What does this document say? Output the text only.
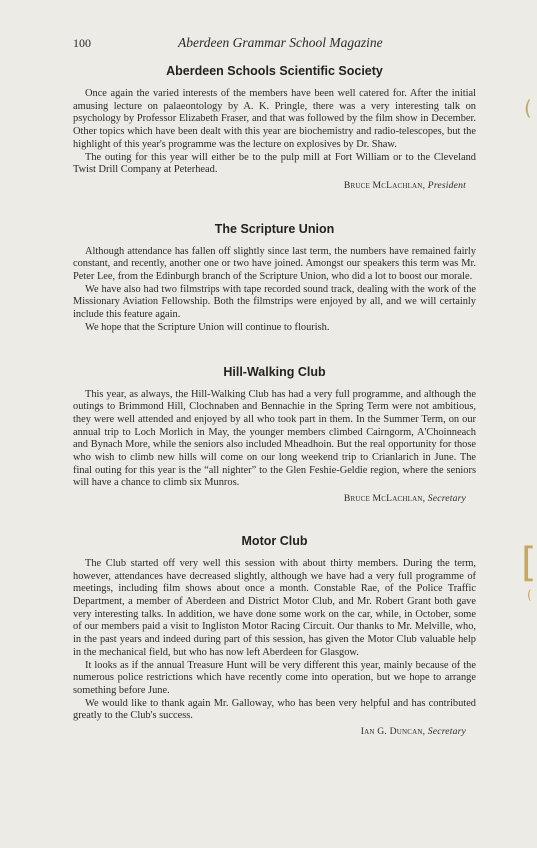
100	Aberdeen Grammar School Magazine
Aberdeen Schools Scientific Society

Once again the varied interests of the members have been well catered for. After the initial amusing lecture on palaeontology by A. K. Pringle, there was a very interesting talk on psychology by Professor Elizabeth Fraser, and that was followed by the film show in December. Other topics which have been dealt with this year are biochemistry and radio-telescopes, but the highlight of this year's programme was the lecture on explosives by Dr. Shaw.

The outing for this year will either be to the pulp mill at Fort William or to the Cleveland Twist Drill Company at Peterhead.

Bruce McLachlan, President
The Scripture Union

Although attendance has fallen off slightly since last term, the numbers have remained fairly constant, and recently, another one or two have joined. Amongst our speakers this term was Mr. Peter Lee, from the Edinburgh branch of the Scripture Union, who did a lot to boost our morale.

We have also had two filmstrips with tape recorded sound track, dealing with the work of the Missionary Aviation Fellowship. Both the filmstrips were enjoyed by all, and we will certainly include this feature again.

We hope that the Scripture Union will continue to flourish.

Hill-Walking Club

This year, as always, the Hill-Walking Club has had a very full programme, and although the outings to Brimmond Hill, Clochnaben and Bennachie in the Spring Term were not ambitious, they were well attended and enjoyed by all who took part in them. In the Summer Term, on our annual trip to Loch Morlich in May, the younger members climbed Cairngorm, A'Choinneach and Bynach More, while the seniors also included Mheadhoin. But the real opportunity for those who wish to climb new hills will come on our long weekend trip to Crianlarich in June. The final outing for this year is the “all nighter” to the Glen Feshie-Geldie region, where the seniors will have a chance to climb six Munros.

Bruce McLachlan, Secretary
Motor Club

The Club started off very well this session with about thirty members. During the term, however, attendances have decreased slightly, although we have had a very full programme of meetings, including film shows about once a month. Constable Rae, of the Police Traffic Department, a member of Aberdeen and District Motor Club, and Mr. Robert Grant both gave very interesting talks. In addition, we have done some work on the car, while, in October, some of our members paid a visit to Ingliston Motor Racing Circuit. Our thanks to Mr. Melville, who, in the past years and indeed during part of this session, has given the Motor Club valuable help in the mechanical field, but who has now left Aberdeen for Glasgow.

It looks as if the annual Treasure Hunt will be very different this year, mainly because of the numerous police restrictions which have recently come into operation, but we hope to arrange something before June.

We would like to thank again Mr. Galloway, who has been very helpful and has contributed greatly to the Club's success.

Ian G. Duncan, Secretary
(
[
(
